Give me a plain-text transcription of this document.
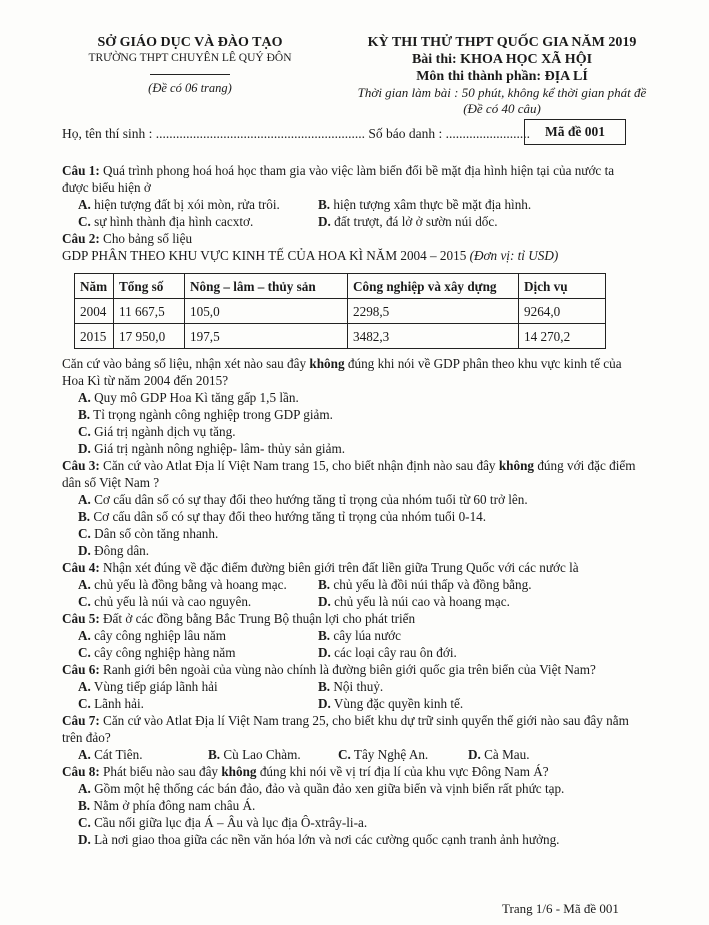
SỞ GIÁO DỤC VÀ ĐÀO TẠO
TRƯỜNG THPT CHUYÊN LÊ QUÝ ĐÔN
(Đề có 06 trang)
KỲ THI THỬ THPT QUỐC GIA NĂM 2019
Bài thi: KHOA HỌC XÃ HỘI
Môn thi thành phần: ĐỊA LÍ
Thời gian làm bài : 50 phút, không kể thời gian phát đề
(Đề có 40 câu)
Họ, tên thí sinh : .............................................................. Số báo danh : .........................	Mã đề 001

Câu 1: Quá trình phong hoá hoá học tham gia vào việc làm biến đổi bề mặt địa hình hiện tại của nước ta được biểu hiện ở

A. hiện tượng đất bị xói mòn, rửa trôi.	B. hiện tượng xâm thực bề mặt địa hình.
C. sự hình thành địa hình cacxtơ.	D. đất trượt, đá lở ở sườn núi dốc.

Câu 2: Cho bảng số liệu

GDP PHÂN THEO KHU VỰC KINH TẾ CỦA HOA KÌ NĂM 2004 – 2015 (Đơn vị: tỉ USD)

Năm	Tổng số	Nông – lâm – thủy sản	Công nghiệp và xây dựng	Dịch vụ
2004	11 667,5	105,0	2298,5	9264,0
2015	17 950,0	197,5	3482,3	14 270,2

Căn cứ vào bảng số liệu, nhận xét nào sau đây không đúng khi nói về GDP phân theo khu vực kinh tế của Hoa Kì từ năm 2004 đến 2015?

A. Quy mô GDP Hoa Kì tăng gấp 1,5 lần.
B. Tỉ trọng ngành công nghiệp trong GDP giảm.
C. Giá trị ngành dịch vụ tăng.
D. Giá trị ngành nông nghiệp- lâm- thủy sản giảm.

Câu 3: Căn cứ vào Atlat Địa lí Việt Nam trang 15, cho biết nhận định nào sau đây không đúng với đặc điểm dân số Việt Nam ?

A. Cơ cấu dân số có sự thay đổi theo hướng tăng tỉ trọng của nhóm tuổi từ 60 trở lên.
B. Cơ cấu dân số có sự thay đổi theo hướng tăng tỉ trọng của nhóm tuổi 0-14.
C. Dân số còn tăng nhanh.
D. Đông dân.

Câu 4: Nhận xét đúng về đặc điểm đường biên giới trên đất liền giữa Trung Quốc với các nước là

A. chủ yếu là đồng bằng và hoang mạc.	B. chủ yếu là đồi núi thấp và đồng bằng.
C. chủ yếu là núi và cao nguyên.	D. chủ yếu là núi cao và hoang mạc.

Câu 5: Đất ở các đồng bằng Bắc Trung Bộ thuận lợi cho phát triển

A. cây công nghiệp lâu năm	B. cây lúa nước
C. cây công nghiệp hàng năm	D. các loại cây rau ôn đới.

Câu 6: Ranh giới bên ngoài của vùng nào chính là đường biên giới quốc gia trên biển của Việt Nam?

A. Vùng tiếp giáp lãnh hải	B. Nội thuỷ.
C. Lãnh hải.	D. Vùng đặc quyền kinh tế.

Câu 7: Căn cứ vào Atlat Địa lí Việt Nam trang 25, cho biết khu dự trữ sinh quyển thế giới nào sau đây nằm trên đảo?

A. Cát Tiên.	B. Cù Lao Chàm.	C. Tây Nghệ An.	D. Cà Mau.

Câu 8: Phát biểu nào sau đây không đúng khi nói về vị trí địa lí của khu vực Đông Nam Á?

A. Gồm một hệ thống các bán đảo, đảo và quần đảo xen giữa biển và vịnh biển rất phức tạp.
B. Nằm ở phía đông nam châu Á.
C. Cầu nối giữa lục địa Á – Âu và lục địa Ô-xtrây-li-a.
D. Là nơi giao thoa giữa các nền văn hóa lớn và nơi các cường quốc cạnh tranh ảnh hưởng.
Trang 1/6 - Mã đề 001
